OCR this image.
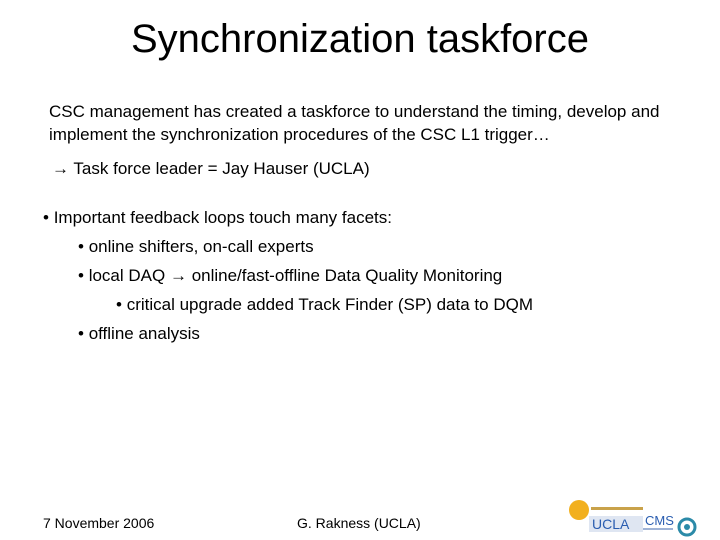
Synchronization taskforce
CSC management has created a taskforce to understand the timing, develop and
implement the synchronization procedures of the CSC L1 trigger…
→ Task force leader = Jay Hauser (UCLA)
• Important feedback loops touch many facets:
• online shifters, on-call experts
• local DAQ → online/fast-offline Data Quality Monitoring
• critical upgrade added Track Finder (SP) data to DQM
• offline analysis
7 November 2006	G. Rakness (UCLA)	UCLA CMS
